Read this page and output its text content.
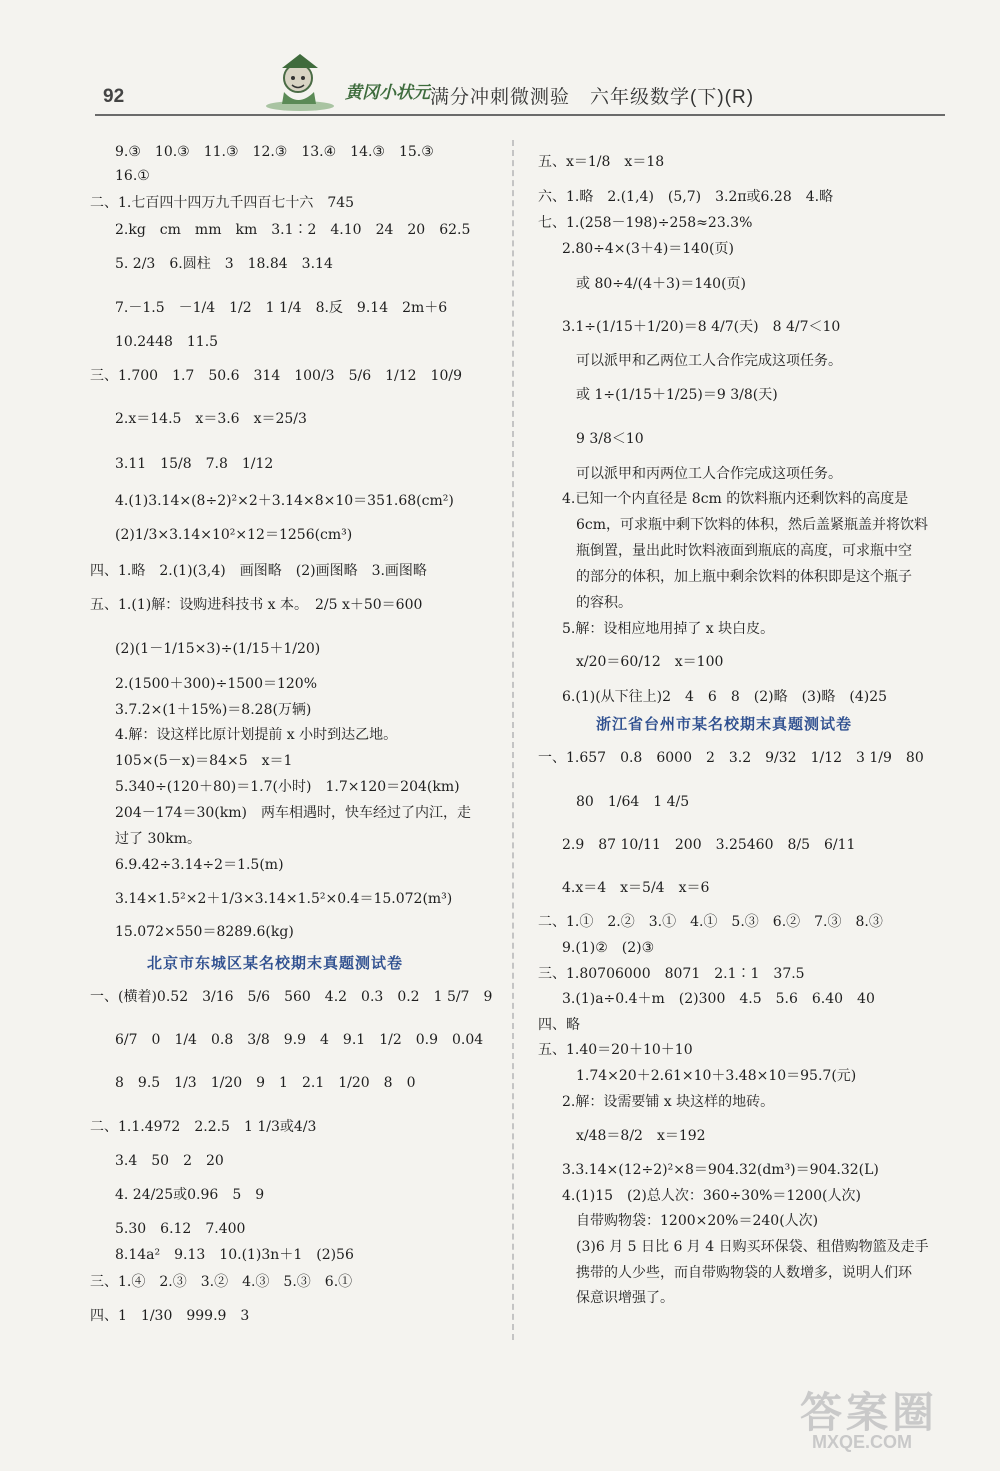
92	黄冈小状元 满分冲刺微测验　六年级数学(下)(R)
9.③　10.③　11.③　12.③　13.④　14.③　15.③
16.①
二、1.七百四十四万九千四百七十六　745
2.kg　cm　mm　km　3.1∶2　4.10　24　20　62.5
5. 2/3　6.圆柱　3　18.84　3.14
7.－1.5　－1/4　1/2　1 1/4　8.反　9.14　2m＋6
10.2448　11.5
三、1.700　1.7　50.6　314　100/3　5/6　1/12　10/9
2.x＝14.5　x＝3.6　x＝25/3
3.11　15/8　7.8　1/12
4.(1)3.14×(8÷2)²×2＋3.14×8×10＝351.68(cm²)
(2)1/3×3.14×10²×12＝1256(cm³)
四、1.略　2.(1)(3,4)　画图略　(2)画图略　3.画图略
五、1.(1)解：设购进科技书 x 本。　2/5 x＋50＝600
(2)(1－1/15×3)÷(1/15＋1/20)
2.(1500＋300)÷1500＝120%
3.7.2×(1＋15%)＝8.28(万辆)
4.解：设这样比原计划提前 x 小时到达乙地。
105×(5－x)＝84×5　x＝1
5.340÷(120＋80)＝1.7(小时)　1.7×120＝204(km)
204－174＝30(km)　两车相遇时，快车经过了内江，走
过了 30km。
6.9.42÷3.14÷2＝1.5(m)
3.14×1.5²×2＋1/3×3.14×1.5²×0.4＝15.072(m³)
15.072×550＝8289.6(kg)
北京市东城区某名校期末真题测试卷
一、(横着)0.52　3/16　5/6　560　4.2　0.3　0.2　1 5/7　9
6/7　0　1/4　0.8　3/8　9.9　4　9.1　1/2　0.9　0.04
8　9.5　1/3　1/20　9　1　2.1　1/20　8　0
二、1.1.4972　2.2.5　1 1/3或4/3
3.4　50　2　20
4. 24/25或0.96　5　9
5.30　6.12　7.400
8.14a²　9.13　10.(1)3n＋1　(2)56
三、1.④　2.③　3.②　4.③　5.③　6.①
四、1　1/30　999.9　3
五、x＝1/8　x＝18
六、1.略　2.(1,4)　(5,7)　3.2π或6.28　4.略
七、1.(258－198)÷258≈23.3%
2.80÷4×(3＋4)＝140(页)
或 80÷4/(4＋3)＝140(页)
3.1÷(1/15＋1/20)＝8 4/7(天)　8 4/7＜10
可以派甲和乙两位工人合作完成这项任务。
或 1÷(1/15＋1/25)＝9 3/8(天)
9 3/8＜10
可以派甲和丙两位工人合作完成这项任务。
4.已知一个内直径是 8cm 的饮料瓶内还剩饮料的高度是
6cm，可求瓶中剩下饮料的体积，然后盖紧瓶盖并将饮料
瓶倒置，量出此时饮料液面到瓶底的高度，可求瓶中空
的部分的体积，加上瓶中剩余饮料的体积即是这个瓶子
的容积。
5.解：设相应地用掉了 x 块白皮。
x/20＝60/12　x＝100
6.(1)(从下往上)2　4　6　8　(2)略　(3)略　(4)25
浙江省台州市某名校期末真题测试卷
一、1.657　0.8　6000　2　3.2　9/32　1/12　3 1/9　80
80　1/64　1 4/5
2.9　87 10/11　200　3.25460　8/5　6/11
4.x＝4　x＝5/4　x＝6
二、1.①　2.②　3.①　4.①　5.③　6.②　7.③　8.③
9.(1)②　(2)③
三、1.80706000　8071　2.1∶1　37.5
3.(1)a÷0.4＋m　(2)300　4.5　5.6　6.40　40
四、略
五、1.40＝20＋10＋10
1.74×20＋2.61×10＋3.48×10＝95.7(元)
2.解：设需要铺 x 块这样的地砖。
x/48＝8/2　x＝192
3.3.14×(12÷2)²×8＝904.32(dm³)＝904.32(L)
4.(1)15　(2)总人次：360÷30%＝1200(人次)
自带购物袋：1200×20%＝240(人次)
(3)6 月 5 日比 6 月 4 日购买环保袋、租借购物篮及走手
携带的人少些，而自带购物袋的人数增多，说明人们环
保意识增强了。
答案圈
MXQE.COM
